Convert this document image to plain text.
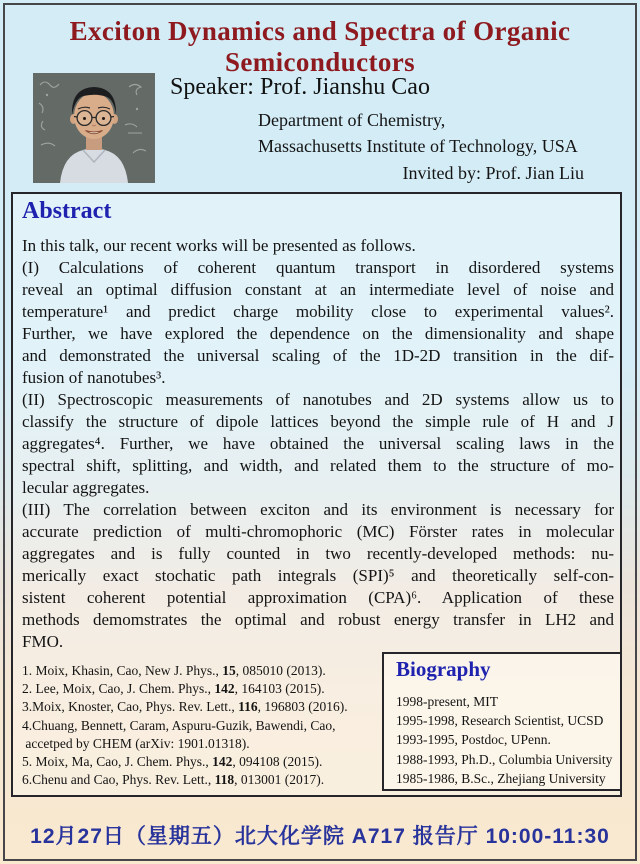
Exciton Dynamics and Spectra of Organic Semiconductors
Speaker: Prof. Jianshu Cao
Department of Chemistry,
Massachusetts Institute of Technology, USA
Invited by: Prof. Jian Liu
Abstract
In this talk, our recent works will be presented as follows.
(I) Calculations of coherent quantum transport in disordered systems
reveal an optimal diffusion constant at an intermediate level of noise and
temperature¹ and predict charge mobility close to experimental values².
Further, we have explored the dependence on the dimensionality and shape
and demonstrated the universal scaling of the 1D-2D transition in the dif-
fusion of nanotubes³.
(II) Spectroscopic measurements of nanotubes and 2D systems allow us to
classify the structure of dipole lattices beyond the simple rule of H and J
aggregates⁴. Further, we have obtained the universal scaling laws in the
spectral shift, splitting, and width, and related them to the structure of mo-
lecular aggregates.
(III) The correlation between exciton and its environment is necessary for
accurate prediction of multi-chromophoric (MC) Förster rates in molecular
aggregates and is fully counted in two recently-developed methods: nu-
merically exact stochatic path integrals (SPI)⁵ and theoretically self-con-
sistent coherent potential approximation (CPA)⁶. Application of these
methods demomstrates the optimal and robust energy transfer in LH2 and
FMO.
1. Moix, Khasin, Cao, New J. Phys., 15, 085010 (2013).
2. Lee, Moix, Cao, J. Chem. Phys., 142, 164103 (2015).
3.Moix, Knoster, Cao, Phys. Rev. Lett., 116, 196803 (2016).
4.Chuang, Bennett, Caram, Aspuru-Guzik, Bawendi, Cao,
accetped by CHEM (arXiv: 1901.01318).
5. Moix, Ma, Cao, J. Chem. Phys., 142, 094108 (2015).
6.Chenu and Cao, Phys. Rev. Lett., 118, 013001 (2017).
Biography
1998-present, MIT
1995-1998, Research Scientist, UCSD
1993-1995, Postdoc, UPenn.
1988-1993, Ph.D., Columbia University
1985-1986, B.Sc., Zhejiang University
12月27日（星期五）北大化学院 A717 报告厅 10:00-11:30
